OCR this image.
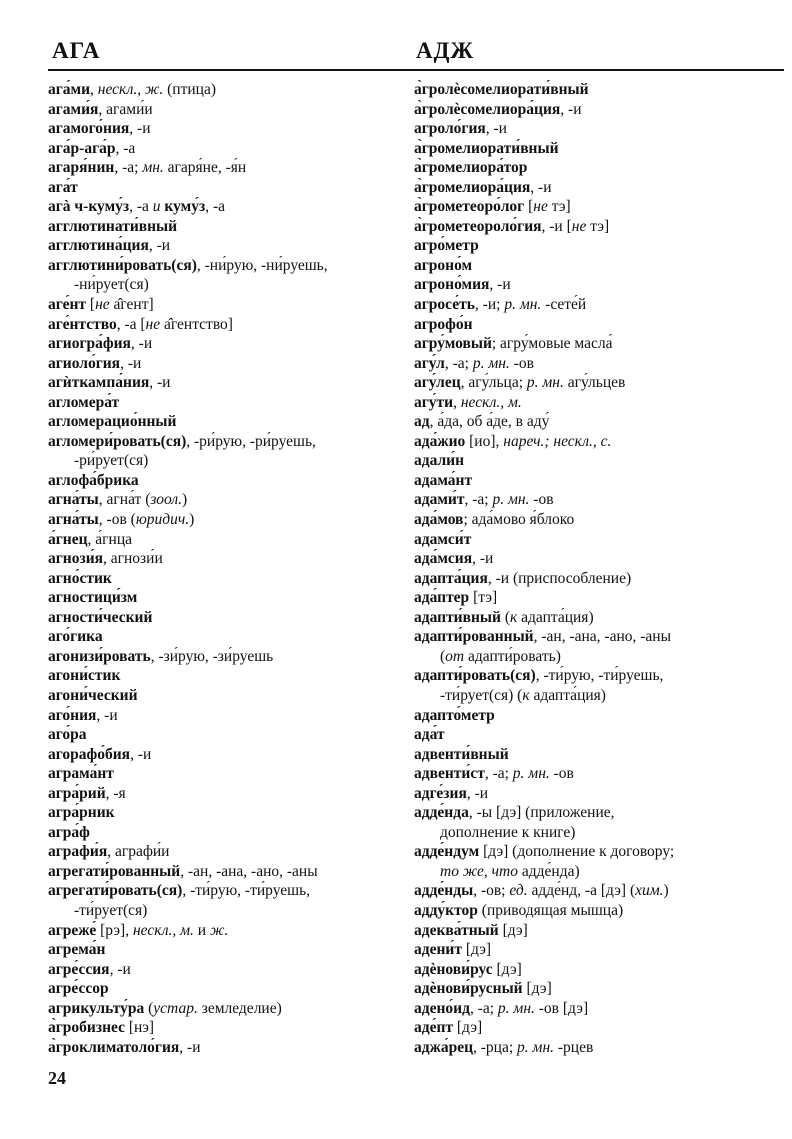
АГА	АДЖ
ага́ми, нескл., ж. (птица)
агами́я, агами́и
агамого́ния, -и
ага́р-ага́р, -а
агаря́нин, -а; мн. агаря́не, -я́н
ага́т
агà ч-куму́з, -а и куму́з, -а
агглютинати́вный
агглютина́ция, -и
агглютини́ровать(ся), -ни́рую, -ни́руешь,
-ни́рует(ся)
аге́нт [не а̂гент]
аге́нтство, -а [не а̂гентство]
агиогра́фия, -и
агиоло́гия, -и
агѝткампа́ния, -и
агломера́т
агломерацио́нный
агломери́ровать(ся), -ри́рую, -ри́руешь,
-ри́рует(ся)
аглофа́брика
агна́ты, агна́т (зоол.)
агна́ты, -ов (юридич.)
а́гнец, а́гнца
агнози́я, агнози́и
агно́стик
агностици́зм
агности́ческий
аго́гика
агонизи́ровать, -зи́рую, -зи́руешь
агони́стик
агони́ческий
аго́ния, -и
аго́ра
агорафо́бия, -и
аграма́нт
агра́рий, -я
агра́рник
агра́ф
аграфи́я, аграфи́и
агрегати́рованный, -ан, -ана, -ано, -аны
агрегати́ровать(ся), -ти́рую, -ти́руешь,
-ти́рует(ся)
агреже́ [рэ], нескл., м. и ж.
агрема́н
агре́ссия, -и
агре́ссор
агрикульту́ра (устар. земледелие)
а̀гробизнес [нэ]
а̀гроклиматоло́гия, -и
а̀гролѐсомелиорати́вный
а̀гролѐсомелиора́ция, -и
агроло́гия, -и
а̀громелиорати́вный
а̀громелиора́тор
а̀громелиора́ция, -и
а̀грометеоро́лог [не тэ]
а̀грометеороло́гия, -и [не тэ]
агро́метр
агроно́м
агроно́мия, -и
агросе́ть, -и; р. мн. -сете́й
агрофо́н
агру́мовый; агру́мовые масла́
агу́л, -а; р. мн. -ов
агу́лец, агу́льца; р. мн. агу́льцев
агу́ти, нескл., м.
ад, а́да, об а́де, в аду́
ада́жио [ио], нареч.; нескл., с.
адали́н
адама́нт
адами́т, -а; р. мн. -ов
ада́мов; ада́мово я́блоко
адамси́т
ада́мсия, -и
адапта́ция, -и (приспособление)
ада́птер [тэ]
адапти́вный (к адапта́ция)
адапти́рованный, -ан, -ана, -ано, -аны
(от адапти́ровать)
адапти́ровать(ся), -ти́рую, -ти́руешь,
-ти́рует(ся) (к адапта́ция)
адапто́метр
ада́т
адвенти́вный
адвенти́ст, -а; р. мн. -ов
адге́зия, -и
адде́нда, -ы [дэ] (приложение,
дополнение к книге)
адде́ндум [дэ] (дополнение к договору;
то же, что адде́нда)
адде́нды, -ов; ед. адде́нд, -а [дэ] (хим.)
адду́ктор (приводящая мышца)
адеква́тный [дэ]
адени́т [дэ]
адѐнови́рус [дэ]
адѐнови́русный [дэ]
адено́ид, -а; р. мн. -ов [дэ]
аде́пт [дэ]
аджа́рец, -рца; р. мн. -рцев
24
